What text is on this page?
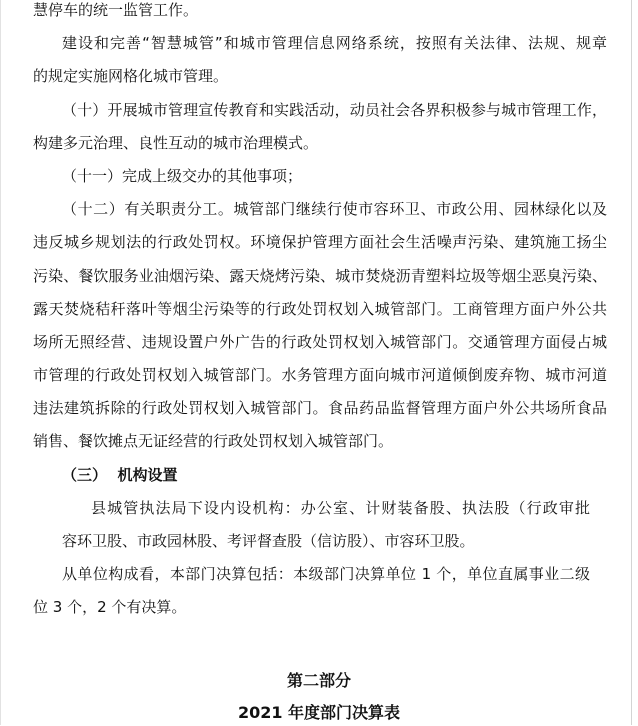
慧停车的统一监管工作。
建设和完善“智慧城管”和城市管理信息网络系统，按照有关法律、法规、规章
的规定实施网格化城市管理。
（十）开展城市管理宣传教育和实践活动，动员社会各界积极参与城市管理工作，
构建多元治理、良性互动的城市治理模式。
（十一）完成上级交办的其他事项；
（十二）有关职责分工。城管部门继续行使市容环卫、市政公用、园林绿化以及
违反城乡规划法的行政处罚权。环境保护管理方面社会生活噪声污染、建筑施工扬尘
污染、餐饮服务业油烟污染、露天烧烤污染、城市焚烧沥青塑料垃圾等烟尘恶臭污染、
露天焚烧秸秆落叶等烟尘污染等的行政处罚权划入城管部门。工商管理方面户外公共
场所无照经营、违规设置户外广告的行政处罚权划入城管部门。交通管理方面侵占城
市管理的行政处罚权划入城管部门。水务管理方面向城市河道倾倒废弃物、城市河道
违法建筑拆除的行政处罚权划入城管部门。食品药品监督管理方面户外公共场所食品
销售、餐饮摊点无证经营的行政处罚权划入城管部门。
（三）  机构设置
县城管执法局下设内设机构：办公室、计财装备股、执法股（行政审批
容环卫股、市政园林股、考评督查股（信访股）、市容环卫股。
从单位构成看，本部门决算包括：本级部门决算单位 1 个，单位直属事业二级
位 3 个，2 个有决算。
第二部分
2021 年度部门决算表
